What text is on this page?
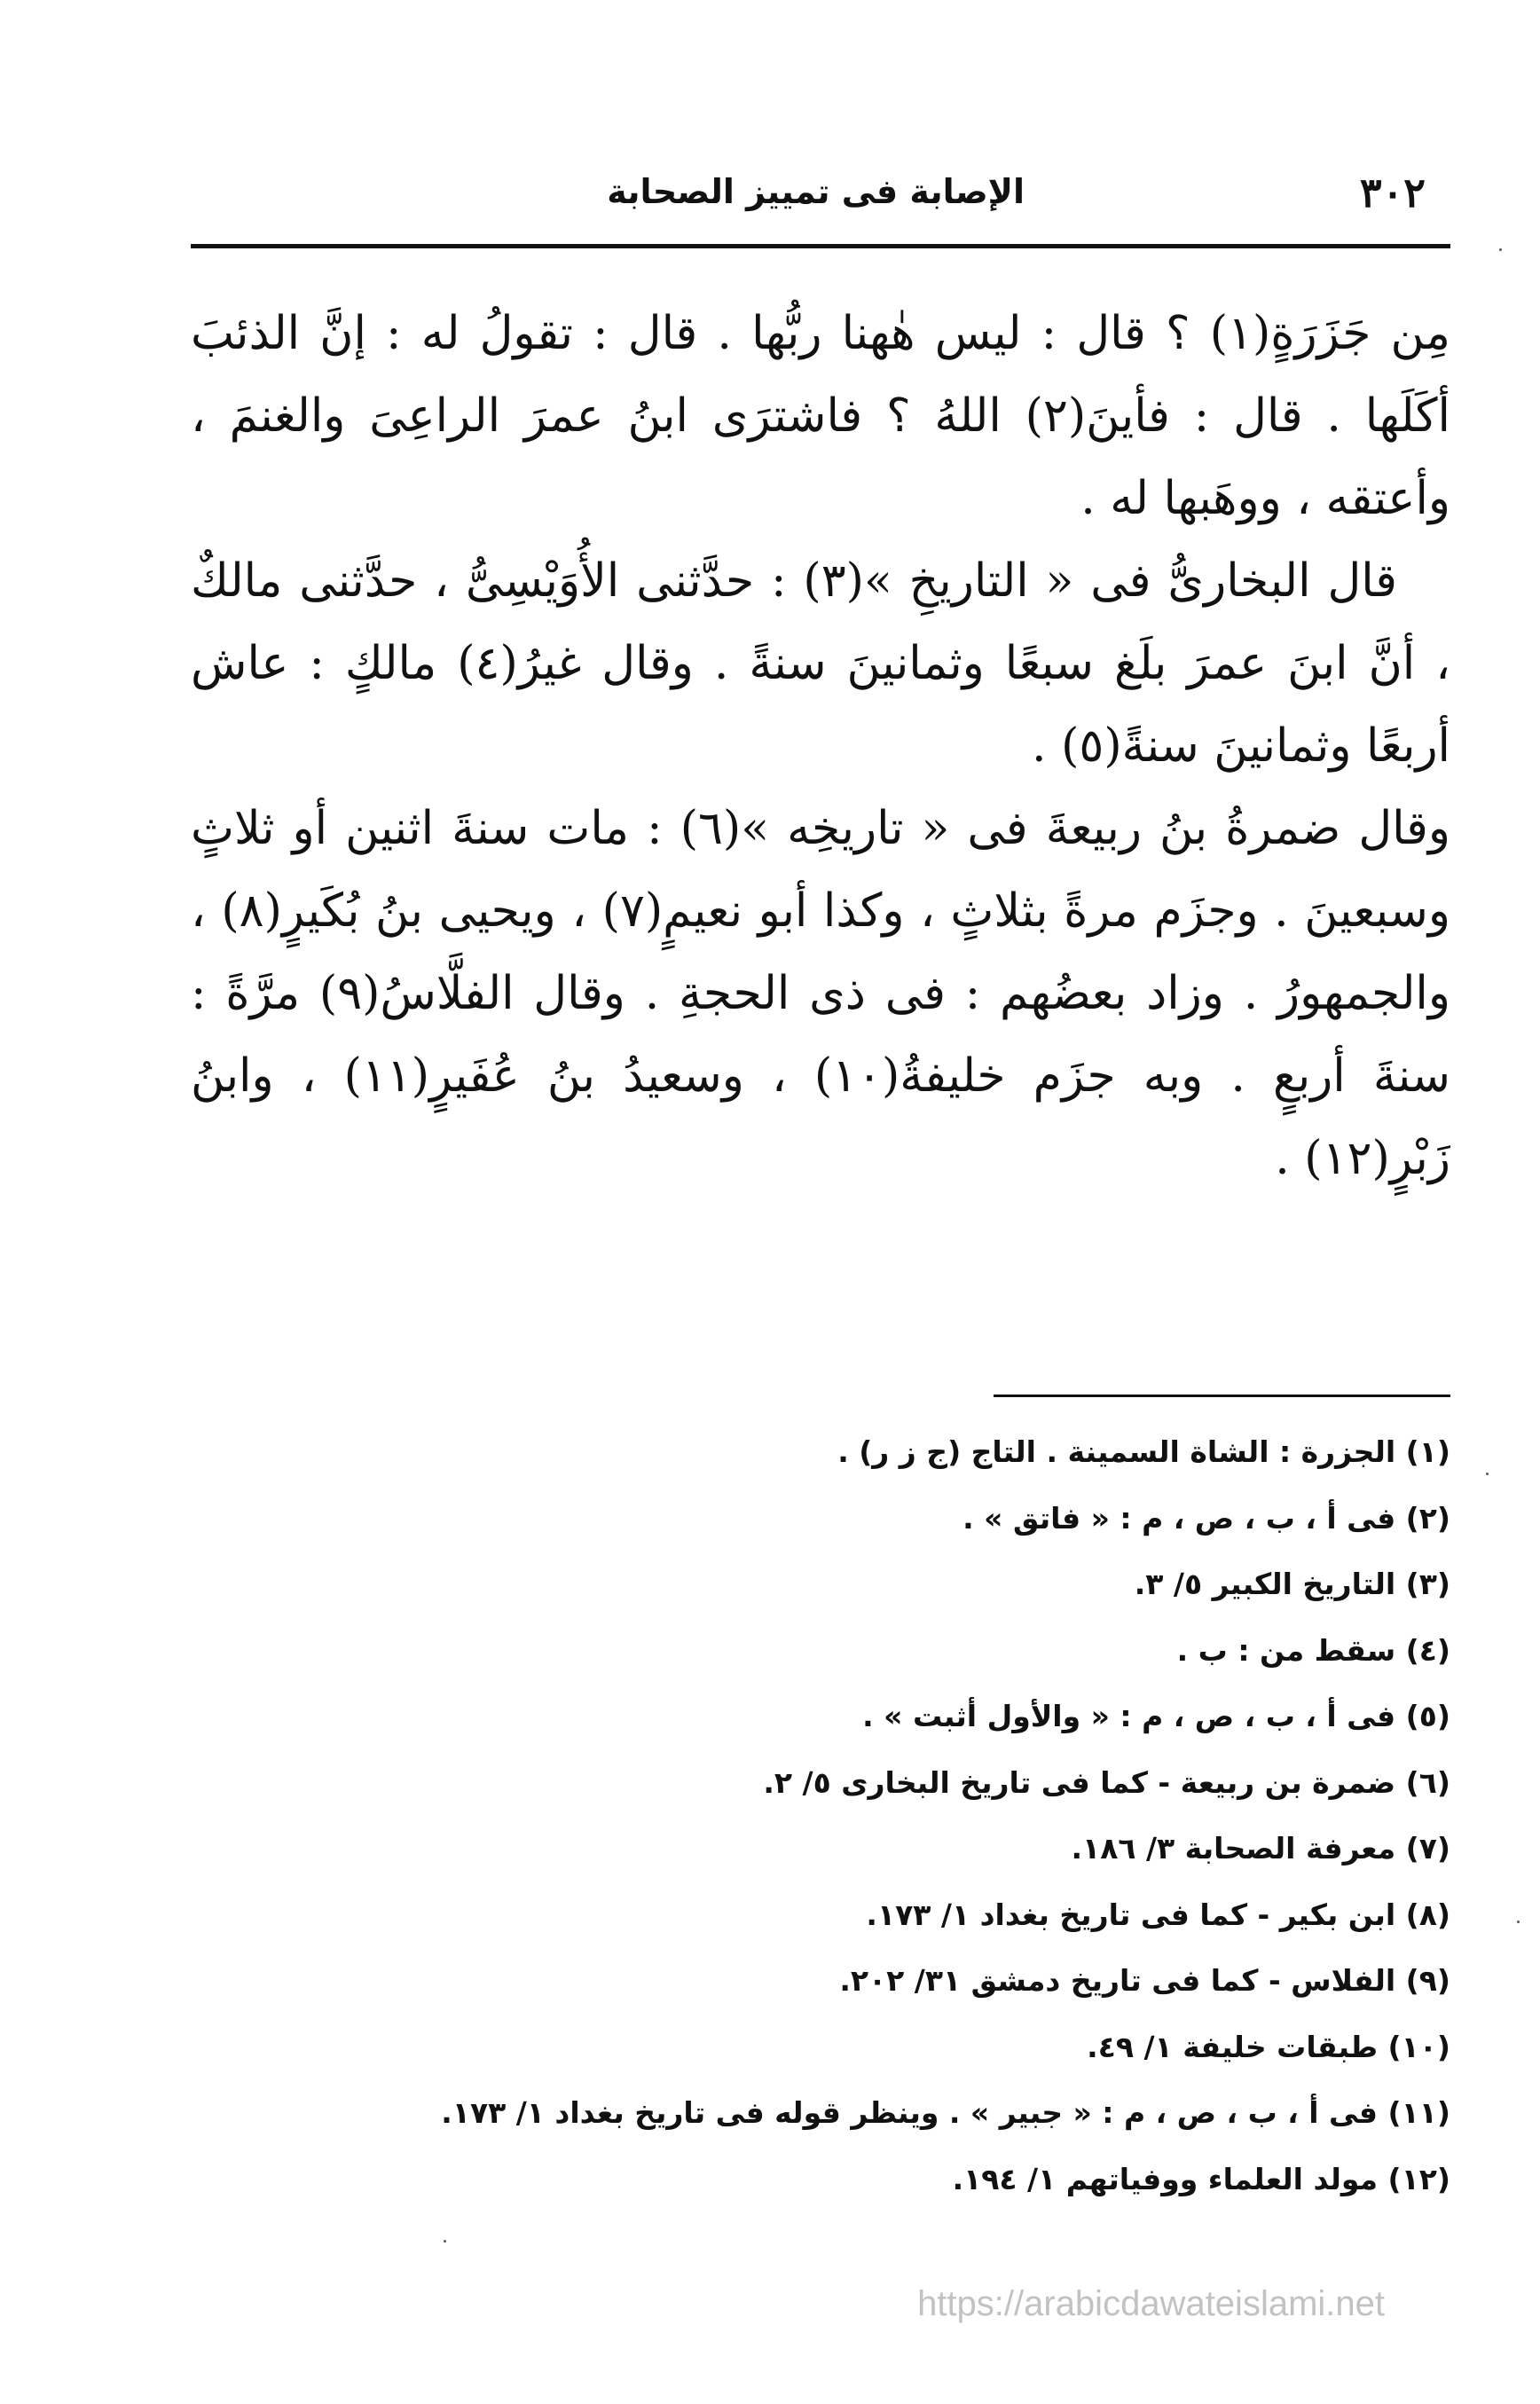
٣٠٢
الإصابة فى تمييز الصحابة

مِن جَزَرَةٍ(١) ؟ قال : ليس هٰهنا ربُّها . قال : تقولُ له : إنَّ الذئبَ أكَلَها . قال : فأينَ(٢) اللهُ ؟ فاشترَى ابنُ عمرَ الراعِىَ والغنمَ ، وأعتقه ، ووهَبها له .

قال البخارىُّ فى « التاريخِ »(٣) : حدَّثنى الأُوَيْسِىُّ ، حدَّثنى مالكٌ ، أنَّ ابنَ عمرَ بلَغ سبعًا وثمانينَ سنةً . وقال غيرُ(٤) مالكٍ : عاش أربعًا وثمانينَ سنةً(٥) .

وقال ضمرةُ بنُ ربيعةَ فى « تاريخِه »(٦) : مات سنةَ اثنين أو ثلاثٍ وسبعينَ . وجزَم مرةً بثلاثٍ ، وكذا أبو نعيمٍ(٧) ، ويحيى بنُ بُكَيرٍ(٨) ، والجمهورُ . وزاد بعضُهم : فى ذى الحجةِ . وقال الفلَّاسُ(٩) مرَّةً : سنةَ أربعٍ . وبه جزَم خليفةُ(١٠) ، وسعيدُ بنُ عُفَيرٍ(١١) ، وابنُ زَبْرٍ(١٢) .

(١) الجزرة : الشاة السمينة . التاج (ج ز ر) .
(٢) فى أ ، ب ، ص ، م : « فاتق » .
(٣) التاريخ الكبير ٥/ ٣.
(٤) سقط من : ب .
(٥) فى أ ، ب ، ص ، م : « والأول أثبت » .
(٦) ضمرة بن ربيعة - كما فى تاريخ البخارى ٥/ ٢.
(٧) معرفة الصحابة ٣/ ١٨٦.
(٨) ابن بكير - كما فى تاريخ بغداد ١/ ١٧٣.
(٩) الفلاس - كما فى تاريخ دمشق ٣١/ ٢٠٢.
(١٠) طبقات خليفة ١/ ٤٩.
(١١) فى أ ، ب ، ص ، م : « جبير » . وينظر قوله فى تاريخ بغداد ١/ ١٧٣.
(١٢) مولد العلماء ووفياتهم ١/ ١٩٤.
https://arabicdawateislami.net
